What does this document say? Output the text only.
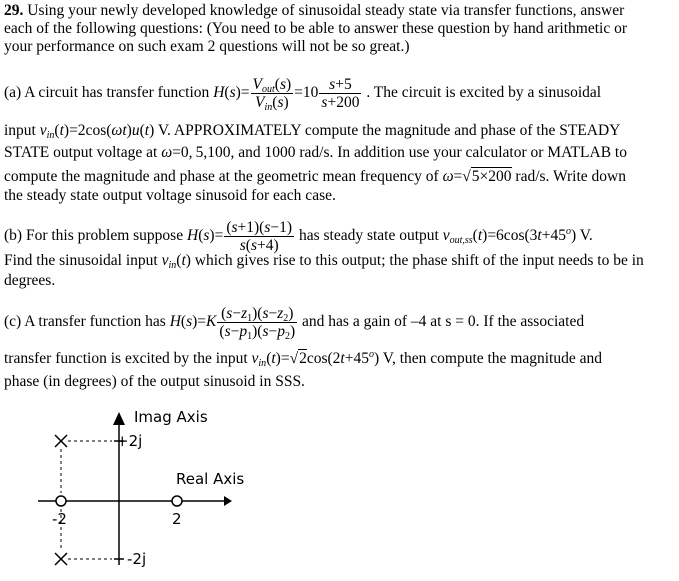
29. Using your newly developed knowledge of sinusoidal steady state via transfer functions, answer
each of the following questions: (You need to be able to answer these question by hand arithmetic or
your performance on such exam 2 questions will not be so great.)
(a) A circuit has transfer function $H(s)= \frac{V_{out}(s)}{V_{in}(s)} =10 \frac{s+5}{s+200}$ . The circuit is excited by a sinusoidal
input $v_{in}(t)=2\cos(\omega t)u(t)$ V. APPROXIMATELY compute the magnitude and phase of the STEADY
STATE output voltage at ω=0, 5,100, and 1000 rad/s. In addition use your calculator or MATLAB to
compute the magnitude and phase at the geometric mean frequency of ω=√5×200 rad/s. Write down
the steady state output voltage sinusoid for each case.
(b) For this problem suppose $H(s)= \frac{(s+1)(s-1)}{s(s+4)}$ has steady state output $v_{out,ss}(t)=6\cos(3t+45^o)$ V.
Find the sinusoidal input $v_{in}(t)$ which gives rise to this output; the phase shift of the input needs to be in
degrees.
(c) A transfer function has $H(s)=K \frac{(s-z_1)(s-z_2)}{(s-p_1)(s-p_2)}$ and has a gain of –4 at s = 0. If the associated
transfer function is excited by the input $v_{in}(t)=√2\cos(2t+45^o)$ V, then compute the magnitude and
phase (in degrees) of the output sinusoid in SSS.
Imag Axis
+2j
Real Axis
2
-2
-2j
